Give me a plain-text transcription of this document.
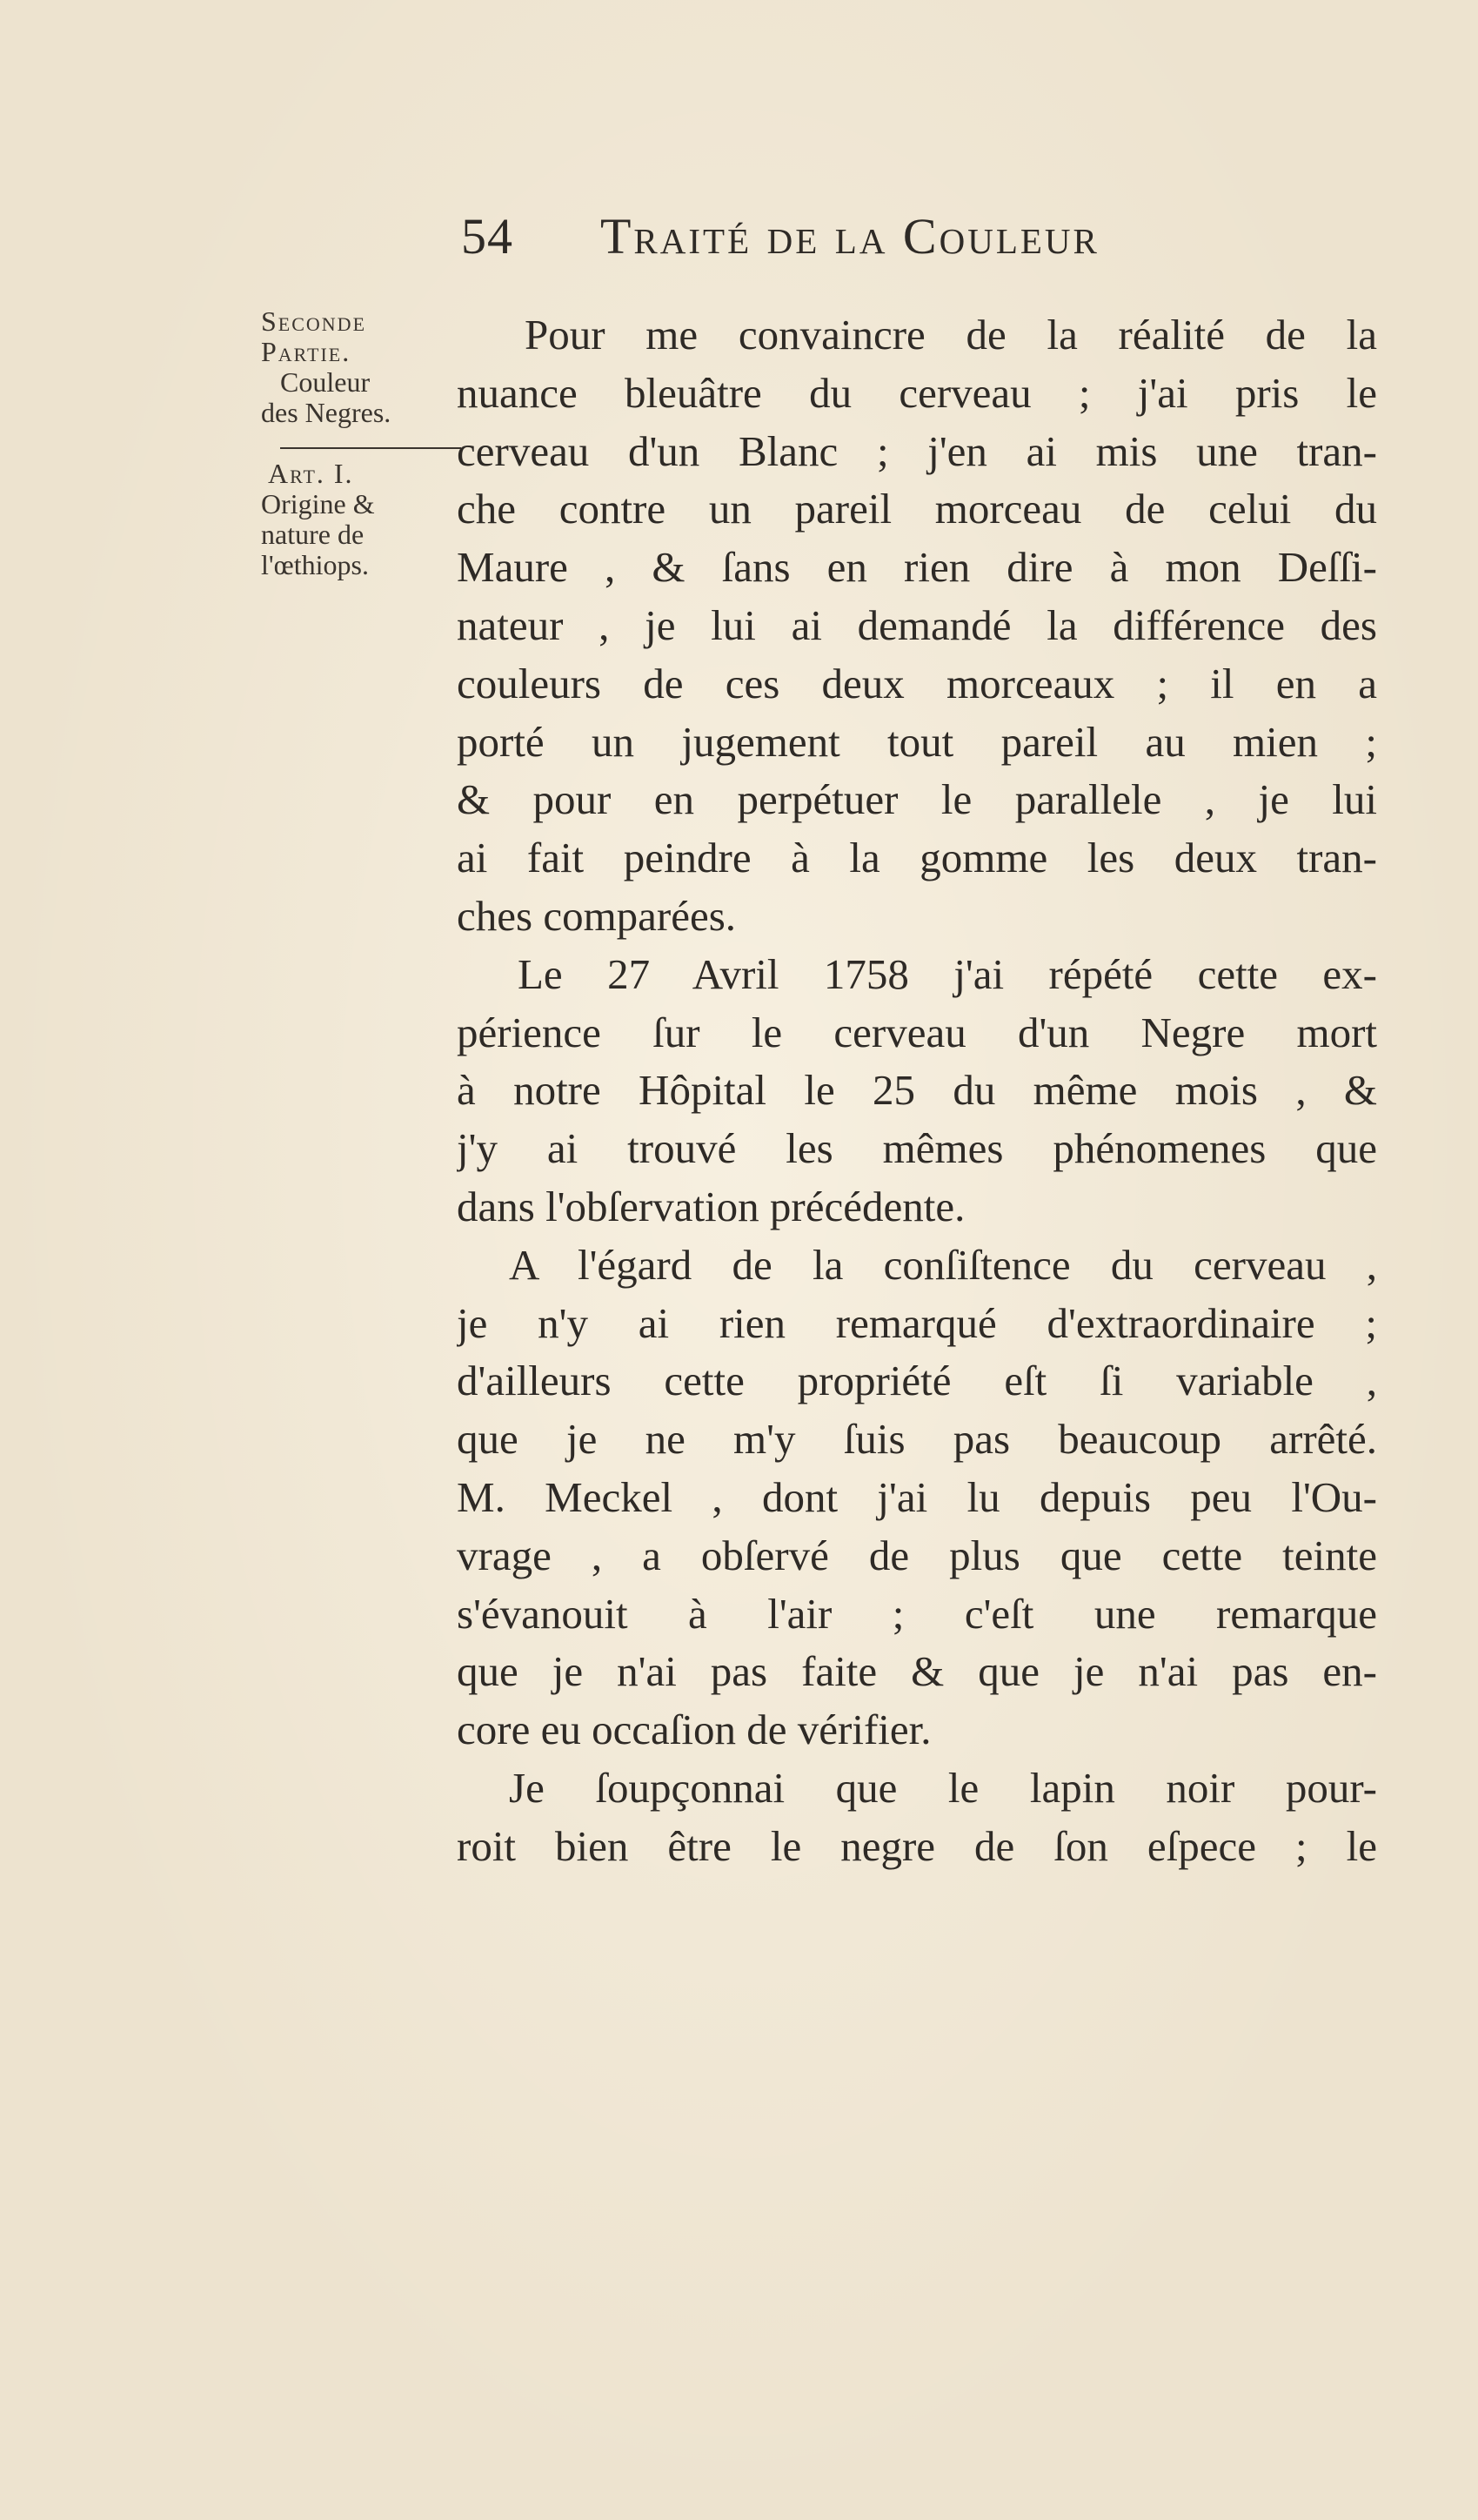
54 Traité de la Couleur
Seconde
Partie.
Couleur
des Negres.
Art. I.
Origine &
nature de
l'œthiops.
Pour me convaincre de la réalité de la
nuance bleuâtre du cerveau ; j'ai pris le
cerveau d'un Blanc ; j'en ai mis une tran-
che contre un pareil morceau de celui du
Maure , & ſans en rien dire à mon Deſſi-
nateur , je lui ai demandé la différence des
couleurs de ces deux morceaux ; il en a
porté un jugement tout pareil au mien ;
& pour en perpétuer le parallele , je lui
ai fait peindre à la gomme les deux tran-
ches comparées.
Le 27 Avril 1758 j'ai répété cette ex-
périence ſur le cerveau d'un Negre mort
à notre Hôpital le 25 du même mois , &
j'y ai trouvé les mêmes phénomenes que
dans l'obſervation précédente.
A l'égard de la conſiſtence du cerveau ,
je n'y ai rien remarqué d'extraordinaire ;
d'ailleurs cette propriété eſt ſi variable ,
que je ne m'y ſuis pas beaucoup arrêté.
M. Meckel , dont j'ai lu depuis peu l'Ou-
vrage , a obſervé de plus que cette teinte
s'évanouit à l'air ; c'eſt une remarque
que je n'ai pas faite & que je n'ai pas en-
core eu occaſion de vérifier.
Je ſoupçonnai que le lapin noir pour-
roit bien être le negre de ſon eſpece ; le
